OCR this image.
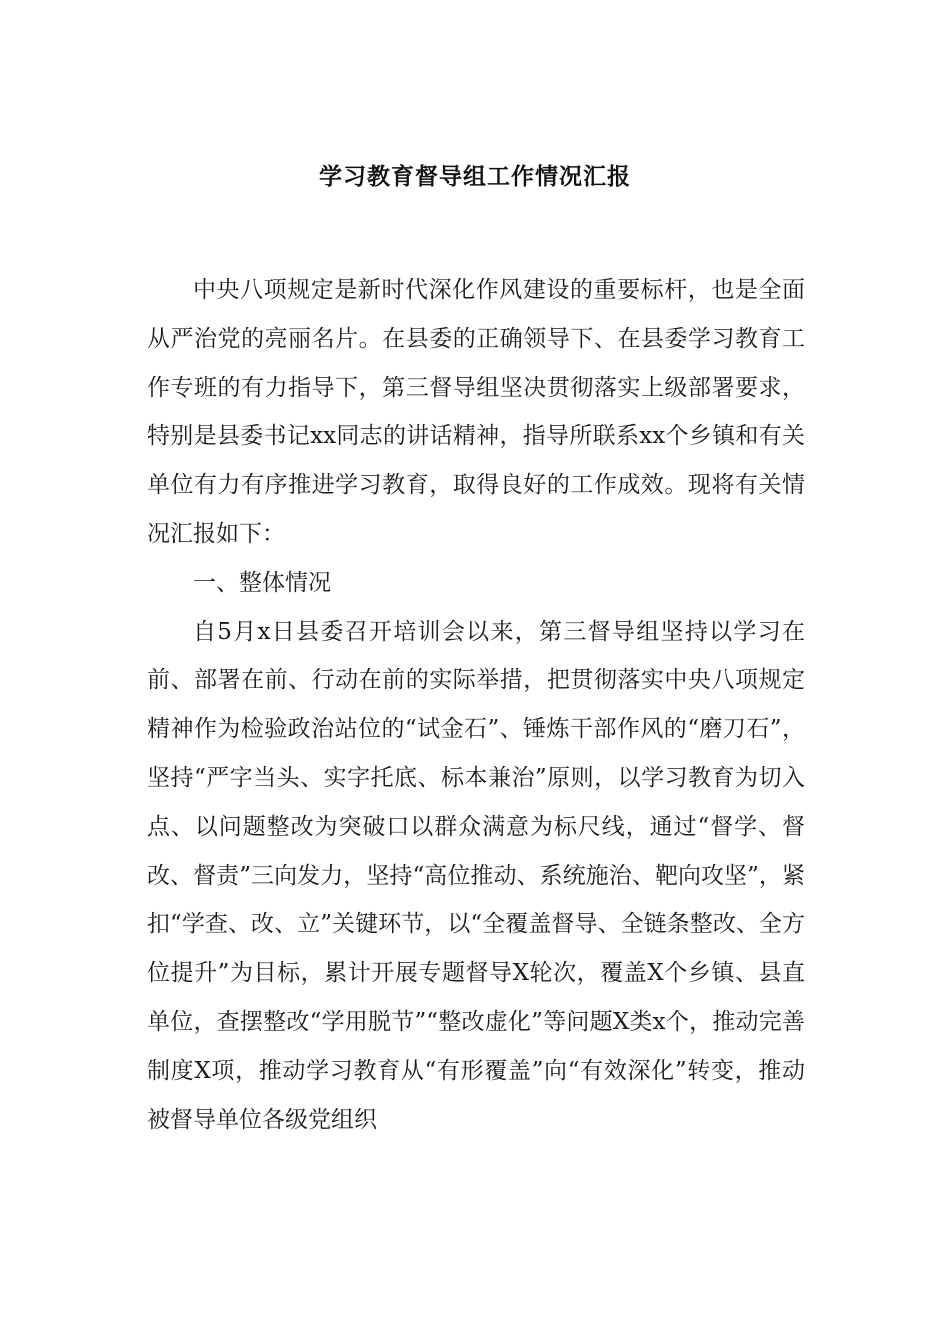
学习教育督导组工作情况汇报

中央八项规定是新时代深化作风建设的重要标杆，也是全面从严治党的亮丽名片。在县委的正确领导下、在县委学习教育工作专班的有力指导下，第三督导组坚决贯彻落实上级部署要求，特别是县委书记xx同志的讲话精神，指导所联系xx个乡镇和有关单位有力有序推进学习教育，取得良好的工作成效。现将有关情况汇报如下：

一、整体情况

自5月x日县委召开培训会以来，第三督导组坚持以学习在前、部署在前、行动在前的实际举措，把贯彻落实中央八项规定精神作为检验政治站位的“试金石”、锤炼干部作风的“磨刀石”，坚持“严字当头、实字托底、标本兼治”原则，以学习教育为切入点、以问题整改为突破口以群众满意为标尺线，通过“督学、督改、督责”三向发力，坚持“高位推动、系统施治、靶向攻坚”，紧扣“学查、改、立”关键环节，以“全覆盖督导、全链条整改、全方位提升”为目标，累计开展专题督导X轮次，覆盖X个乡镇、县直单位，查摆整改“学用脱节”“整改虚化”等问题X类x个，推动完善制度X项，推动学习教育从“有形覆盖”向“有效深化”转变，推动被督导单位各级党组织
